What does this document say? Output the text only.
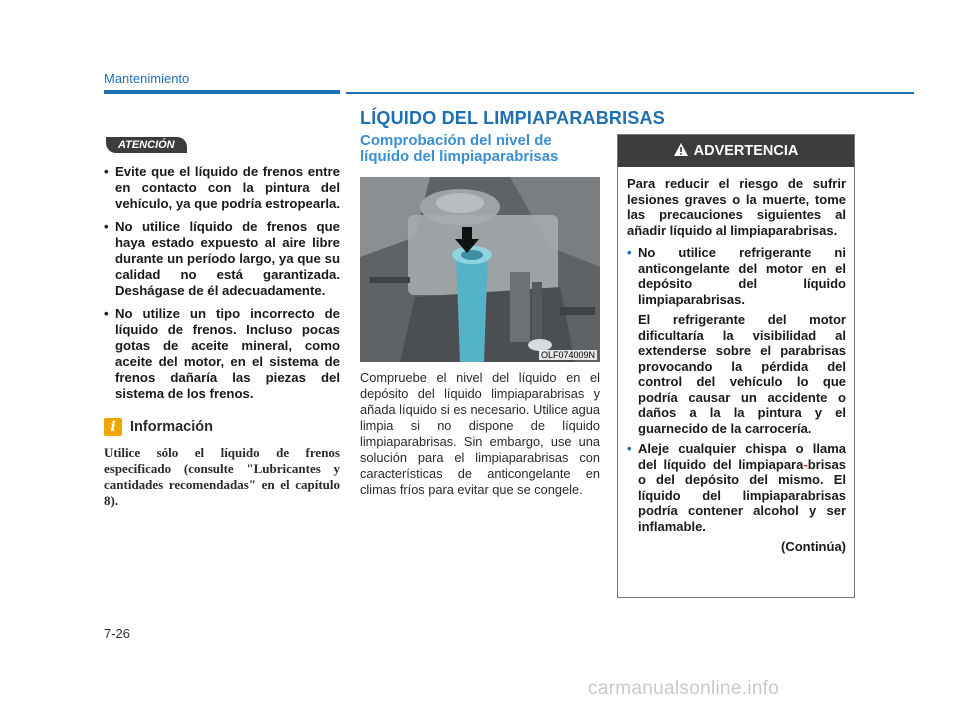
Mantenimiento
LÍQUIDO DEL LIMPIAPARABRISAS
ATENCIÓN
• Evite que el líquido de frenos entre en contacto con la pintura del vehículo, ya que podría estropearla.
• No utilice líquido de frenos que haya estado expuesto al aire libre durante un período largo, ya que su calidad no está garantizada. Deshágase de él adecuadamente.
• No utilize un tipo incorrecto de líquido de frenos. Incluso pocas gotas de aceite mineral, como aceite del motor, en el sistema de frenos dañaría las piezas del sistema de los frenos.
i Información

Utilice sólo el líquido de frenos especificado (consulte "Lubricantes y cantidades recomendadas" en el capítulo 8).

Comprobación del nivel de
líquido del limpiaparabrisas
OLF074009N

Compruebe el nivel del líquido en el depósito del líquido limpiaparabrisas y añada líquido si es necesario. Utilice agua limpia si no dispone de líquido limpiaparabrisas. Sin embargo, use una solución para el limpiaparabrisas con características de anticongelante en climas fríos para evitar que se congele.

ADVERTENCIA

Para reducir el riesgo de sufrir lesiones graves o la muerte, tome las precauciones siguientes al añadir líquido al limpiaparabrisas.

• No utilice refrigerante ni anticongelante del motor en el depósito del líquido limpiaparabrisas.

El refrigerante del motor dificultaría la visibilidad al extenderse sobre el parabrisas provocando la pérdida del control del vehículo lo que podría causar un accidente o daños a la la pintura y el guarnecido de la carrocería.

• Aleje cualquier chispa o llama del líquido del limpiapara-brisas o del depósito del mismo. El líquido del limpiaparabrisas podría contener alcohol y ser inflamable.
(Continúa)
7-26
carmanualsonline.info
